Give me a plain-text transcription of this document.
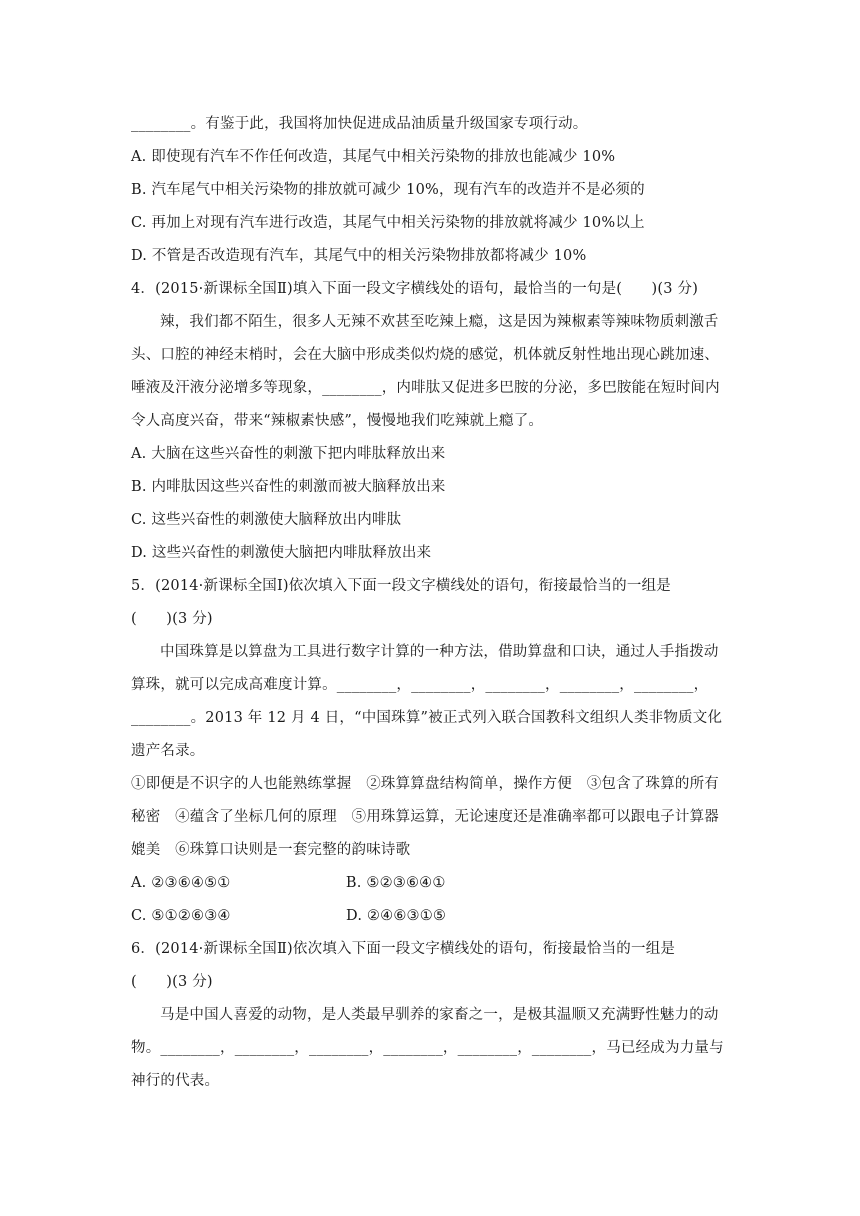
________。有鉴于此，我国将加快促进成品油质量升级国家专项行动。
A. 即使现有汽车不作任何改造，其尾气中相关污染物的排放也能减少 10%
B. 汽车尾气中相关污染物的排放就可减少 10%，现有汽车的改造并不是必须的
C. 再加上对现有汽车进行改造，其尾气中相关污染物的排放就将减少 10%以上
D. 不管是否改造现有汽车，其尾气中的相关污染物排放都将减少 10%
4．(2015·新课标全国Ⅱ)填入下面一段文字横线处的语句，最恰当的一句是(　　)(3 分)
辣，我们都不陌生，很多人无辣不欢甚至吃辣上瘾，这是因为辣椒素等辣味物质刺激舌
头、口腔的神经末梢时，会在大脑中形成类似灼烧的感觉，机体就反射性地出现心跳加速、
唾液及汗液分泌增多等现象，________，内啡肽又促进多巴胺的分泌，多巴胺能在短时间内
令人高度兴奋，带来“辣椒素快感”，慢慢地我们吃辣就上瘾了。
A. 大脑在这些兴奋性的刺激下把内啡肽释放出来
B. 内啡肽因这些兴奋性的刺激而被大脑释放出来
C. 这些兴奋性的刺激使大脑释放出内啡肽
D. 这些兴奋性的刺激使大脑把内啡肽释放出来
5．(2014·新课标全国Ⅰ)依次填入下面一段文字横线处的语句，衔接最恰当的一组是
(　　)(3 分)
中国珠算是以算盘为工具进行数字计算的一种方法，借助算盘和口诀，通过人手指拨动
算珠，就可以完成高难度计算。________，________，________，________，________，
________。2013 年 12 月 4 日，“中国珠算”被正式列入联合国教科文组织人类非物质文化
遗产名录。
①即便是不识字的人也能熟练掌握　②珠算算盘结构简单，操作方便　③包含了珠算的所有
秘密　④蕴含了坐标几何的原理　⑤用珠算运算，无论速度还是准确率都可以跟电子计算器
媲美　⑥珠算口诀则是一套完整的韵味诗歌
A. ②③⑥④⑤①                        B. ⑤②③⑥④①
C. ⑤①②⑥③④                        D. ②④⑥③①⑤
6．(2014·新课标全国Ⅱ)依次填入下面一段文字横线处的语句，衔接最恰当的一组是
(　　)(3 分)
马是中国人喜爱的动物，是人类最早驯养的家畜之一，是极其温顺又充满野性魅力的动
物。________，________，________，________，________，________，马已经成为力量与
神行的代表。
